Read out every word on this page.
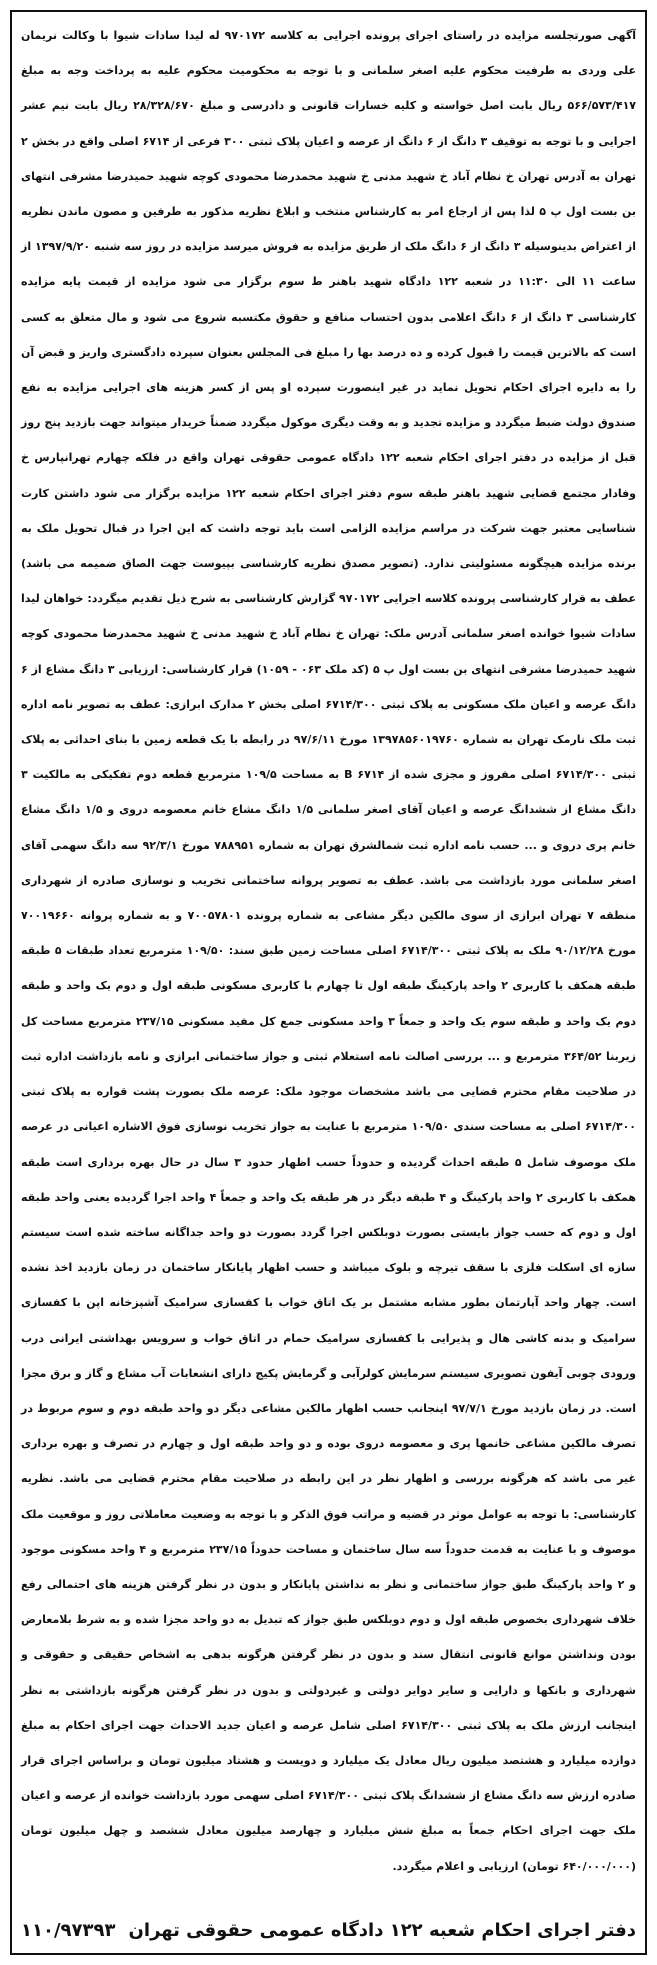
آگهی صورتجلسه مزایده در راستای اجرای پرونده اجرایی به کلاسه ۹۷۰۱۷۲ له لیدا سادات شیوا با وکالت نریمان علی وردی به طرفیت محکوم علیه اصغر سلمانی و با توجه به محکومیت محکوم علیه به پرداخت وجه به مبلغ ۵۶۶/۵۷۳/۴۱۷ ریال بابت اصل خواسته و کلیه خسارات قانونی و دادرسی و مبلغ ۲۸/۳۲۸/۶۷۰ ریال بابت نیم عشر اجرایی و با توجه به توقیف ۳ دانگ از ۶ دانگ از عرصه و اعیان پلاک ثبتی ۳۰۰ فرعی از ۶۷۱۴ اصلی واقع در بخش ۲ تهران به آدرس تهران خ نظام آباد خ شهید مدنی خ شهید محمدرضا محمودی کوچه شهید حمیدرضا مشرفی انتهای بن بست اول پ ۵ لذا پس از ارجاع امر به کارشناس منتخب و ابلاغ نظریه مذکور به طرفین و مصون ماندن نظریه از اعتراض بدینوسیله ۳ دانگ از ۶ دانگ ملک از طریق مزایده به فروش میرسد مزایده در روز سه شنبه ۱۳۹۷/۹/۲۰ از ساعت ۱۱ الی ۱۱:۳۰ در شعبه ۱۲۲ دادگاه شهید باهنر ط سوم برگزار می شود مزایده از قیمت پایه مزایده کارشناسی ۳ دانگ از ۶ دانگ اعلامی بدون احتساب منافع و حقوق مکتسبه شروع می شود و مال متعلق به کسی است که بالاترین قیمت را قبول کرده و ده درصد بها را مبلغ فی المجلس بعنوان سپرده دادگستری واریز و قبض آن را به دایره اجرای احکام تحویل نماید در غیر اینصورت سپرده او پس از کسر هزینه های اجرایی مزایده به نفع صندوق دولت ضبط میگردد و مزایده تجدید و به وقت دیگری موکول میگردد ضمناً خریدار میتواند جهت بازدید پنج روز قبل از مزایده در دفتر اجرای احکام شعبه ۱۲۲ دادگاه عمومی حقوقی تهران واقع در فلکه چهارم تهرانپارس خ وفادار مجتمع قضایی شهید باهنر طبقه سوم دفتر اجرای احکام شعبه ۱۲۲ مزایده برگزار می شود داشتن کارت شناسایی معتبر جهت شرکت در مراسم مزایده الزامی است باید توجه داشت که این اجرا در قبال تحویل ملک به برنده مزایده هیچگونه مسئولیتی ندارد. (تصویر مصدق نظریه کارشناسی بپیوست جهت الصاق ضمیمه می باشد) عطف به قرار کارشناسی پرونده کلاسه اجرایی ۹۷۰۱۷۲ گزارش کارشناسی به شرح ذیل تقدیم میگردد: خواهان لیدا سادات شیوا خوانده اصغر سلمانی آدرس ملک: تهران خ نظام آباد خ شهید مدنی خ شهید محمدرضا محمودی کوچه شهید حمیدرضا مشرفی انتهای بن بست اول پ ۵ (کد ملک ۰۶۳ - ۱۰۵۹) قرار کارشناسی: ارزیابی ۳ دانگ مشاع از ۶ دانگ عرصه و اعیان ملک مسکونی به پلاک ثبتی ۶۷۱۴/۳۰۰ اصلی بخش ۲ مدارک ابرازی: عطف به تصویر نامه اداره ثبت ملک نارمک تهران به شماره ۱۳۹۷۸۵۶۰۱۹۷۶۰ مورخ ۹۷/۶/۱۱ در رابطه با یک قطعه زمین با بنای احداثی به پلاک ثبتی ۶۷۱۴/۳۰۰ اصلی مفروز و مجزی شده از B ۶۷۱۴ به مساحت ۱۰۹/۵ مترمربع قطعه دوم تفکیکی به مالکیت ۳ دانگ مشاع از ششدانگ عرصه و اعیان آقای اصغر سلمانی ۱/۵ دانگ مشاع خانم معصومه دروی و ۱/۵ دانگ مشاع خانم پری دروی و ... حسب نامه اداره ثبت شمالشرق تهران به شماره ۷۸۸۹۵۱ مورخ ۹۲/۳/۱ سه دانگ سهمی آقای اصغر سلمانی مورد بازداشت می باشد. عطف به تصویر پروانه ساختمانی تخریب و نوسازی صادره از شهرداری منطقه ۷ تهران ابرازی از سوی مالکین دیگر مشاعی به شماره پرونده ۷۰۰۵۷۸۰۱ و به شماره پروانه ۷۰۰۱۹۶۶۰ مورخ ۹۰/۱۲/۲۸ ملک به پلاک ثبتی ۶۷۱۴/۳۰۰ اصلی مساحت زمین طبق سند: ۱۰۹/۵۰ مترمربع تعداد طبقات ۵ طبقه طبقه همکف با کاربری ۲ واحد پارکینگ طبقه اول تا چهارم با کاربری مسکونی طبقه اول و دوم یک واحد و طبقه دوم یک واحد و طبقه سوم یک واحد و جمعاً ۳ واحد مسکونی جمع کل مفید مسکونی ۲۳۷/۱۵ مترمربع مساحت کل زیربنا ۳۶۴/۵۲ مترمربع و ... بررسی اصالت نامه استعلام ثبتی و جواز ساختمانی ابرازی و نامه بازداشت اداره ثبت در صلاحیت مقام محترم قضایی می باشد مشخصات موجود ملک: عرصه ملک بصورت پشت قواره به پلاک ثبتی ۶۷۱۴/۳۰۰ اصلی به مساحت سندی ۱۰۹/۵۰ مترمربع با عنایت به جواز تخریب نوسازی فوق الاشاره اعیانی در عرصه ملک موصوف شامل ۵ طبقه احداث گردیده و حدوداً حسب اظهار حدود ۳ سال در حال بهره برداری است طبقه همکف با کاربری ۲ واحد پارکینگ و ۴ طبقه دیگر در هر طبقه یک واحد و جمعاً ۴ واحد اجرا گردیده یعنی واحد طبقه اول و دوم که حسب جواز بایستی بصورت دوبلکس اجرا گردد بصورت دو واحد جداگانه ساخته شده است سیستم سازه ای اسکلت فلزی با سقف تیرچه و بلوک میباشد و حسب اظهار پایانکار ساختمان در زمان بازدید اخذ نشده است. چهار واحد آپارتمان بطور مشابه مشتمل بر یک اتاق خواب با کفسازی سرامیک آشپزخانه اپن با کفسازی سرامیک و بدنه کاشی هال و پذیرایی با کفسازی سرامیک حمام در اتاق خواب و سرویس بهداشتی ایرانی درب ورودی چوبی آیفون تصویری سیستم سرمایش کولرآبی و گرمایش پکیج دارای انشعابات آب مشاع و گاز و برق مجزا است. در زمان بازدید مورخ ۹۷/۷/۱ اینجانب حسب اظهار مالکین مشاعی دیگر دو واحد طبقه دوم و سوم مربوط در تصرف مالکین مشاعی خانمها پری و معصومه دروی بوده و دو واحد طبقه اول و چهارم در تصرف و بهره برداری غیر می باشد که هرگونه بررسی و اظهار نظر در این رابطه در صلاحیت مقام محترم قضایی می باشد. نظریه کارشناسی: با توجه به عوامل موثر در قضیه و مراتب فوق الذکر و با توجه به وضعیت معاملاتی روز و موقعیت ملک موصوف و با عنایت به قدمت حدوداً سه سال ساختمان و مساحت حدوداً ۲۳۷/۱۵ مترمربع و ۴ واحد مسکونی موجود و ۲ واحد پارکینگ طبق جواز ساختمانی و نظر به نداشتن پایانکار و بدون در نظر گرفتن هزینه های احتمالی رفع خلاف شهرداری بخصوص طبقه اول و دوم دوبلکس طبق جواز که تبدیل به دو واحد مجزا شده و به شرط بلامعارض بودن ونداشتن موانع قانونی انتقال سند و بدون در نظر گرفتن هرگونه بدهی به اشخاص حقیقی و حقوقی و شهرداری و بانکها و دارایی و سایر دوایر دولتی و غیردولتی و بدون در نظر گرفتن هرگونه بازداشتی به نظر اینجانب ارزش ملک به پلاک ثبتی ۶۷۱۴/۳۰۰ اصلی شامل عرصه و اعیان جدید الاحداث جهت اجرای احکام به مبلغ دوازده میلیارد و هشتصد میلیون ریال معادل یک میلیارد و دویست و هشتاد میلیون تومان و براساس اجرای قرار صادره ارزش سه دانگ مشاع از ششدانگ پلاک ثبتی ۶۷۱۴/۳۰۰ اصلی سهمی مورد بازداشت خوانده از عرصه و اعیان ملک جهت اجرای احکام جمعاً به مبلغ شش میلیارد و چهارصد میلیون معادل ششصد و چهل میلیون تومان (۶۴۰/۰۰۰/۰۰۰ تومان) ارزیابی و اعلام میگردد.

دفتر اجرای احکام شعبه ۱۲۲ دادگاه عمومی حقوقی تهران
۱۱۰/۹۷۳۹۳
